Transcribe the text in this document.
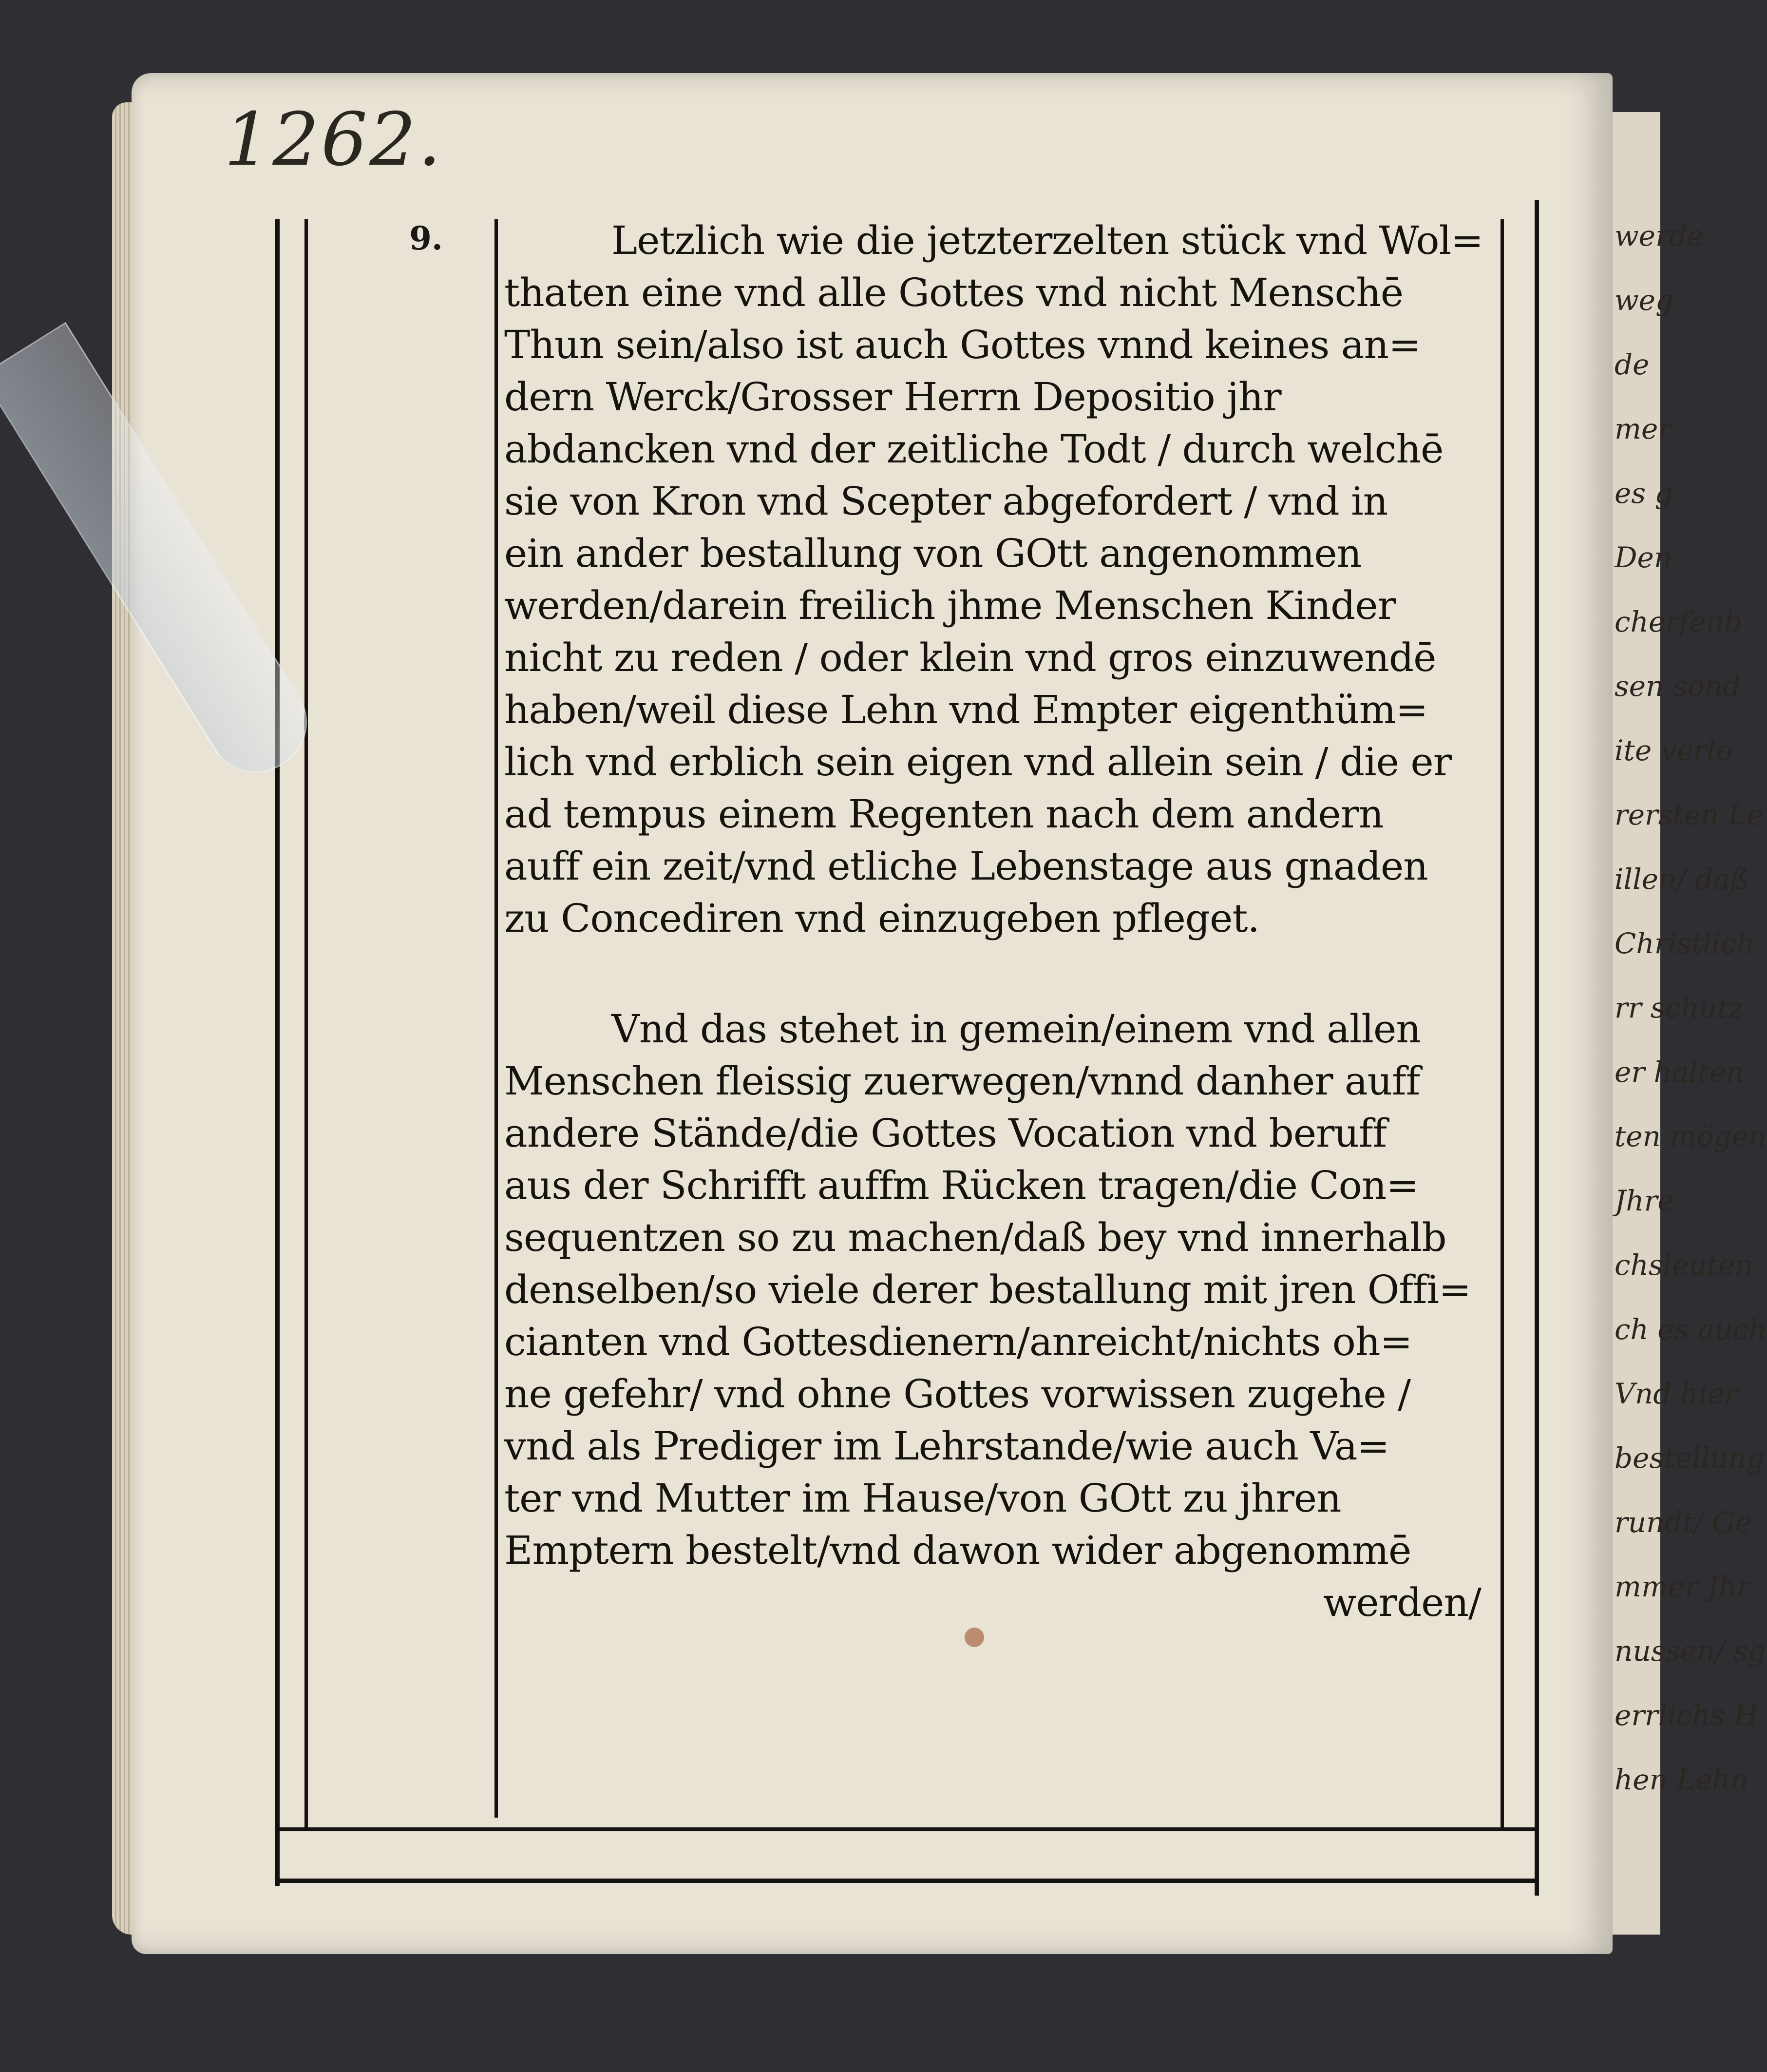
werde
weg
de
mer
es g
Den
cherfenb
sen sond
ite verlo
rersten Le
illen/ daß
Christlich
rr schutz
er halten
ten mögen
Jhre
chsleuten
ch es auch
Vnd hier
bestellung
rundt/ Ge
mmer Jhr
nussen/ sg
errlichs H
hen Lehn
1262.
9.	Letzlich wie die jetzterzelten stück vnd Wol=
thaten eine vnd alle Gottes vnd nicht Menschē
Thun sein/also ist auch Gottes vnnd keines an=
dern Werck/Grosser Herrn Depositio jhr
abdancken vnd der zeitliche Todt / durch welchē
sie von Kron vnd Scepter abgefordert / vnd in
ein ander bestallung von GOtt angenommen
werden/darein freilich jhme Menschen Kinder
nicht zu reden / oder klein vnd gros einzuwendē
haben/weil diese Lehn vnd Empter eigenthüm=
lich vnd erblich sein eigen vnd allein sein / die er
ad tempus einem Regenten nach dem andern
auff ein zeit/vnd etliche Lebenstage aus gnaden
zu Concediren vnd einzugeben pfleget.
Vnd das stehet in gemein/einem vnd allen
Menschen fleissig zuerwegen/vnnd danher auff
andere Stände/die Gottes Vocation vnd beruff
aus der Schrifft auffm Rücken tragen/die Con=
sequentzen so zu machen/daß bey vnd innerhalb
denselben/so viele derer bestallung mit jren Offi=
cianten vnd Gottesdienern/anreicht/nichts oh=
ne gefehr/ vnd ohne Gottes vorwissen zugehe /
vnd als Prediger im Lehrstande/wie auch Va=
ter vnd Mutter im Hause/von GOtt zu jhren
Emptern bestelt/vnd dawon wider abgenommē
werden/
